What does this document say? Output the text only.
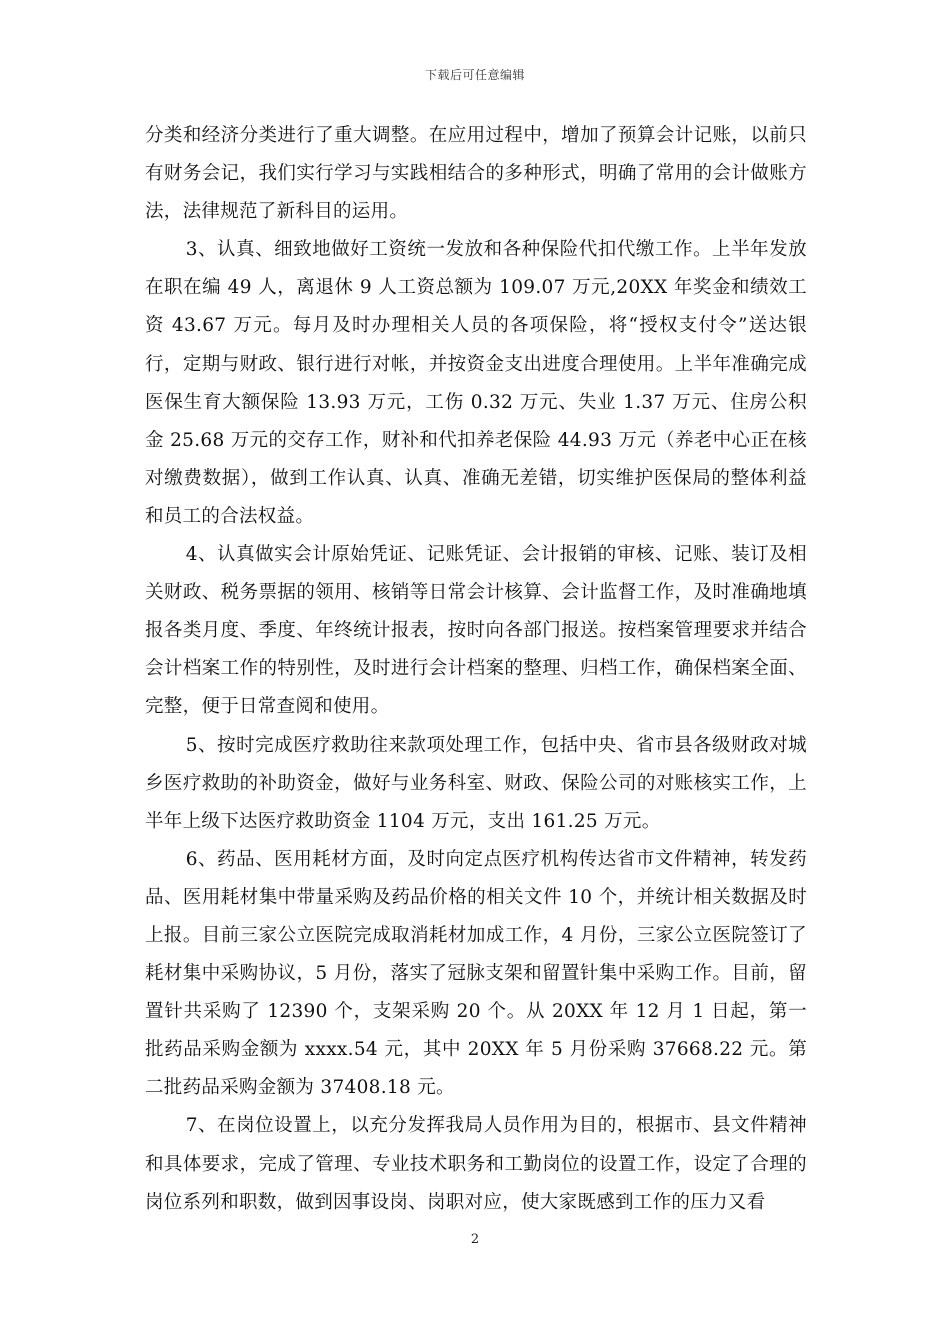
下载后可任意编辑

分类和经济分类进行了重大调整。在应用过程中，增加了预算会计记账，以前只有财务会记，我们实行学习与实践相结合的多种形式，明确了常用的会计做账方法，法律规范了新科目的运用。

3、认真、细致地做好工资统一发放和各种保险代扣代缴工作。上半年发放在职在编 49 人，离退休 9 人工资总额为 109.07 万元,20XX 年奖金和绩效工资 43.67 万元。每月及时办理相关人员的各项保险，将“授权支付令”送达银行，定期与财政、银行进行对帐，并按资金支出进度合理使用。上半年准确完成医保生育大额保险 13.93 万元，工伤 0.32 万元、失业 1.37 万元、住房公积金 25.68 万元的交存工作，财补和代扣养老保险 44.93 万元（养老中心正在核对缴费数据），做到工作认真、认真、准确无差错，切实维护医保局的整体利益和员工的合法权益。

4、认真做实会计原始凭证、记账凭证、会计报销的审核、记账、装订及相关财政、税务票据的领用、核销等日常会计核算、会计监督工作，及时准确地填报各类月度、季度、年终统计报表，按时向各部门报送。按档案管理要求并结合会计档案工作的特别性，及时进行会计档案的整理、归档工作，确保档案全面、完整，便于日常查阅和使用。

5、按时完成医疗救助往来款项处理工作，包括中央、省市县各级财政对城乡医疗救助的补助资金，做好与业务科室、财政、保险公司的对账核实工作，上半年上级下达医疗救助资金 1104 万元，支出 161.25 万元。

6、药品、医用耗材方面，及时向定点医疗机构传达省市文件精神，转发药品、医用耗材集中带量采购及药品价格的相关文件 10 个，并统计相关数据及时上报。目前三家公立医院完成取消耗材加成工作，4 月份，三家公立医院签订了耗材集中采购协议，5 月份，落实了冠脉支架和留置针集中采购工作。目前，留置针共采购了 12390 个，支架采购 20 个。从 20XX 年 12 月 1 日起，第一批药品采购金额为 xxxx.54 元，其中 20XX 年 5 月份采购 37668.22 元。第二批药品采购金额为 37408.18 元。

7、在岗位设置上，以充分发挥我局人员作用为目的，根据市、县文件精神和具体要求，完成了管理、专业技术职务和工勤岗位的设置工作，设定了合理的岗位系列和职数，做到因事设岗、岗职对应，使大家既感到工作的压力又看

2
